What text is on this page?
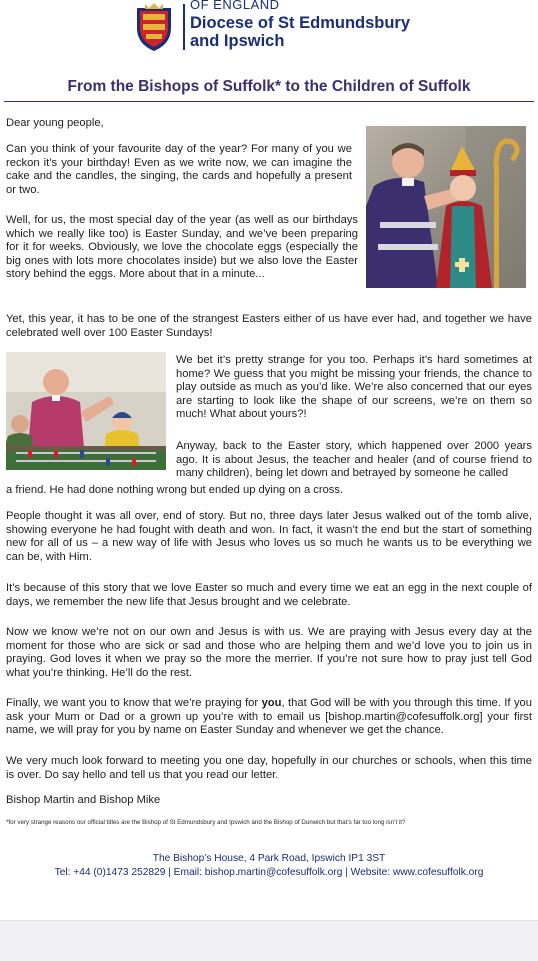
OF ENGLAND
Diocese of St Edmundsbury
and Ipswich
From the Bishops of Suffolk* to the Children of Suffolk
Dear young people,
Can you think of your favourite day of the year? For many of you we reckon it’s your birthday! Even as we write now, we can imagine the cake and the candles, the singing, the cards and hopefully a present or two.
Well, for us, the most special day of the year (as well as our birthdays which we really like too) is Easter Sunday, and we’ve been preparing for it for weeks. Obviously, we love the chocolate eggs (especially the big ones with lots more chocolates inside) but we also love the Easter story behind the eggs. More about that in a minute...
Yet, this year, it has to be one of the strangest Easters either of us have ever had, and together we have celebrated well over 100 Easter Sundays!
We bet it’s pretty strange for you too. Perhaps it’s hard sometimes at home? We guess that you might be missing your friends, the chance to play outside as much as you’d like. We’re also concerned that our eyes are starting to look like the shape of our screens, we’re on them so much! What about yours?!
Anyway, back to the Easter story, which happened over 2000 years ago. It is about Jesus, the teacher and healer (and of course friend to many children), being let down and betrayed by someone he called
a friend. He had done nothing wrong but ended up dying on a cross.
People thought it was all over, end of story. But no, three days later Jesus walked out of the tomb alive, showing everyone he had fought with death and won. In fact, it wasn’t the end but the start of something new for all of us – a new way of life with Jesus who loves us so much he wants us to be everything we can be, with Him.
It’s because of this story that we love Easter so much and every time we eat an egg in the next couple of days, we remember the new life that Jesus brought and we celebrate.
Now we know we’re not on our own and Jesus is with us. We are praying with Jesus every day at the moment for those who are sick or sad and those who are helping them and we’d love you to join us in praying. God loves it when we pray so the more the merrier. If you’re not sure how to pray just tell God what you’re thinking. He’ll do the rest.
Finally, we want you to know that we’re praying for you, that God will be with you through this time. If you ask your Mum or Dad or a grown up you’re with to email us [bishop.martin@cofesuffolk.org] your first name, we will pray for you by name on Easter Sunday and whenever we get the chance.
We very much look forward to meeting you one day, hopefully in our churches or schools, when this time is over. Do say hello and tell us that you read our letter.
Bishop Martin and Bishop Mike
*for very strange reasons our official titles are the Bishop of St Edmundsbury and Ipswich and the Bishop of Dunwich but that’s far too long isn’t it?
The Bishop’s House, 4 Park Road, Ipswich IP1 3ST
Tel: +44 (0)1473 252829 | Email: bishop.martin@cofesuffolk.org | Website: www.cofesuffolk.org
